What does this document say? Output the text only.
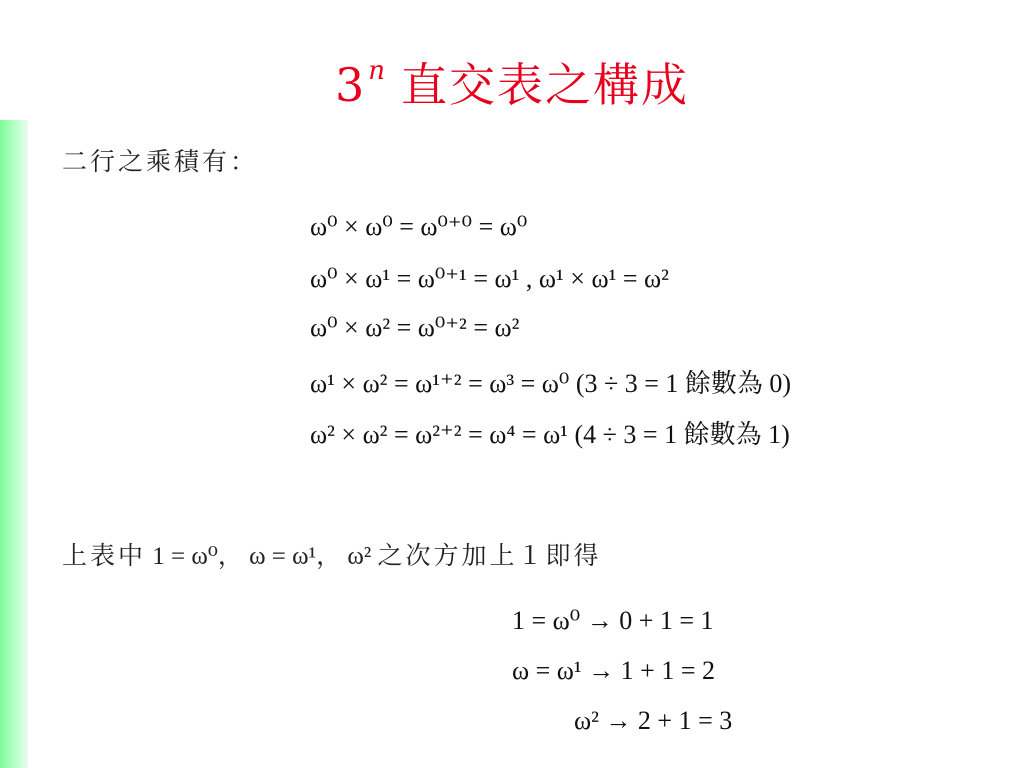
3$^n$ 直交表之構成
二行之乘積有：
ω⁰ × ω⁰ = ω⁰⁺⁰ = ω⁰
ω⁰ × ω¹ = ω⁰⁺¹ = ω¹ , ω¹ × ω¹ = ω²
ω⁰ × ω² = ω⁰⁺² = ω²
ω¹ × ω² = ω¹⁺² = ω³ = ω⁰ (3 ÷ 3 = 1 餘數為 0)
ω² × ω² = ω²⁺² = ω⁴ = ω¹ (4 ÷ 3 = 1 餘數為 1)
上表中 1 = ω⁰， ω = ω¹， ω² 之次方加上１即得
1 = ω⁰ → 0 + 1 = 1
ω = ω¹ → 1 + 1 = 2
ω² → 2 + 1 = 3
